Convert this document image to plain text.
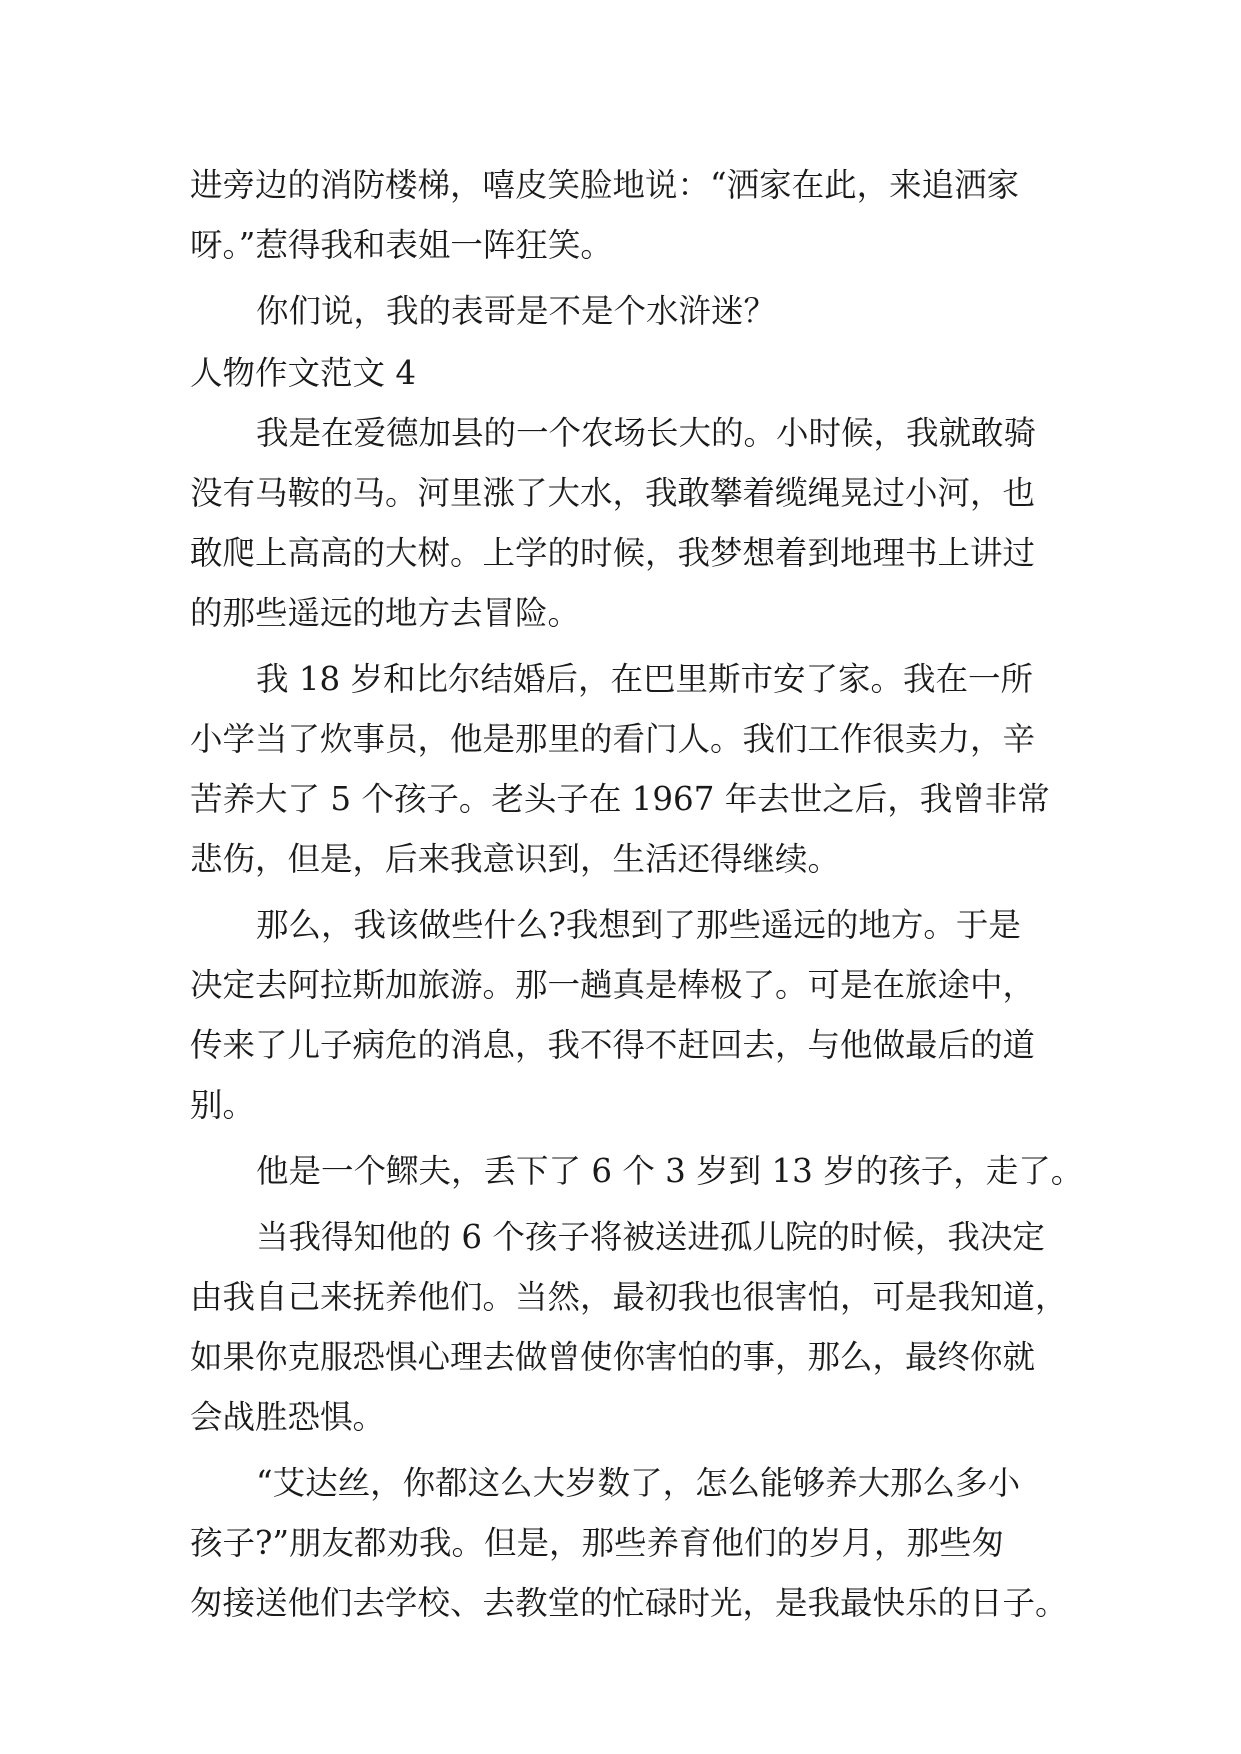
进旁边的消防楼梯，嘻皮笑脸地说：“洒家在此，来追洒家
呀。”惹得我和表姐一阵狂笑。
你们说，我的表哥是不是个水浒迷？
人物作文范文 4
我是在爱德加县的一个农场长大的。小时候，我就敢骑
没有马鞍的马。河里涨了大水，我敢攀着缆绳晃过小河，也
敢爬上高高的大树。上学的时候，我梦想着到地理书上讲过
的那些遥远的地方去冒险。
我 18 岁和比尔结婚后，在巴里斯市安了家。我在一所
小学当了炊事员，他是那里的看门人。我们工作很卖力，辛
苦养大了 5 个孩子。老头子在 1967 年去世之后，我曾非常
悲伤，但是，后来我意识到，生活还得继续。
那么，我该做些什么?我想到了那些遥远的地方。于是
决定去阿拉斯加旅游。那一趟真是棒极了。可是在旅途中，
传来了儿子病危的消息，我不得不赶回去，与他做最后的道
别。
他是一个鳏夫，丢下了 6 个 3 岁到 13 岁的孩子，走了。
当我得知他的 6 个孩子将被送进孤儿院的时候，我决定
由我自己来抚养他们。当然，最初我也很害怕，可是我知道，
如果你克服恐惧心理去做曾使你害怕的事，那么，最终你就
会战胜恐惧。
“艾达丝，你都这么大岁数了，怎么能够养大那么多小
孩子?”朋友都劝我。但是，那些养育他们的岁月，那些匆
匆接送他们去学校、去教堂的忙碌时光，是我最快乐的日子。
